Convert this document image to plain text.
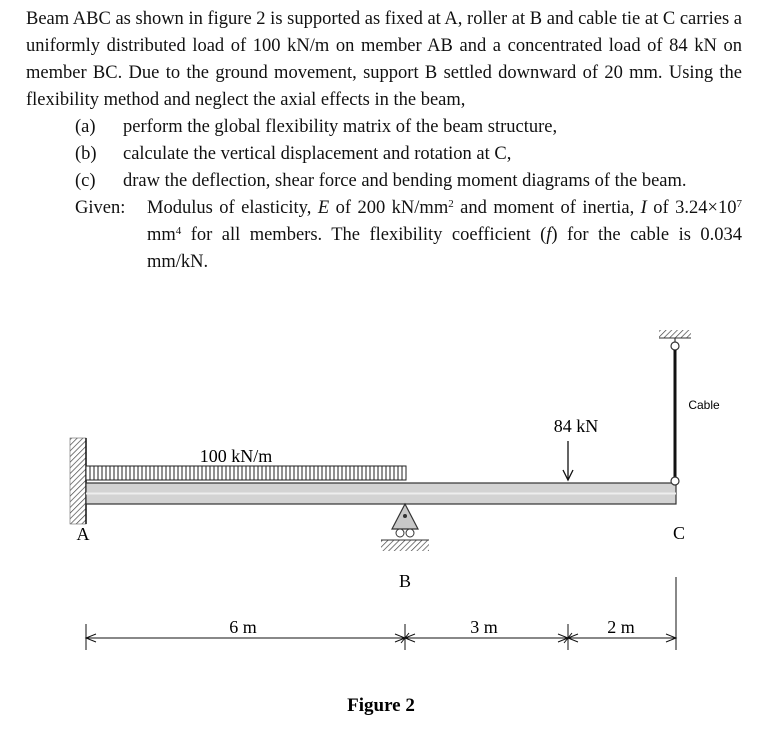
Beam ABC as shown in figure 2 is supported as fixed at A, roller at B and cable tie at C carries a uniformly distributed load of 100 kN/m on member AB and a concentrated load of 84 kN on member BC. Due to the ground movement, support B settled downward of 20 mm. Using the flexibility method and neglect the axial effects in the beam,

(a) perform the global flexibility matrix of the beam structure,
(b) calculate the vertical displacement and rotation at C,
(c) draw the deflection, shear force and bending moment diagrams of the beam.
Given: Modulus of elasticity, E of 200 $kN/mm^2$ and moment of inertia, I of $3.24\times 10^7$ $mm^4$ for all members. The flexibility coefficient (f) for the cable is 0.034 mm/kN.
100 kN/m
84 kN
Cable
A
B
C
6 m	3 m	2 m
Figure 2
